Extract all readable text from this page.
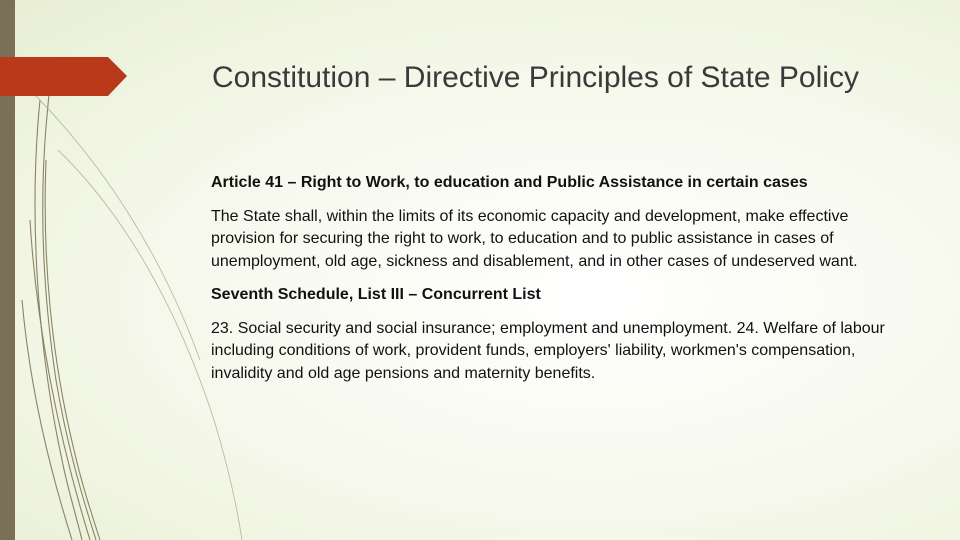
Constitution – Directive Principles of State Policy

Article 41 – Right to Work, to education and Public Assistance in certain cases

The State shall, within the limits of its economic capacity and development, make effective provision for securing the right to work, to education and to public assistance in cases of unemployment, old age, sickness and disablement, and in other cases of undeserved want.

Seventh Schedule, List III – Concurrent List

23. Social security and social insurance; employment and unemployment. 24. Welfare of labour including conditions of work, provident funds, employers' liability, workmen's compensation, invalidity and old age pensions and maternity benefits.
